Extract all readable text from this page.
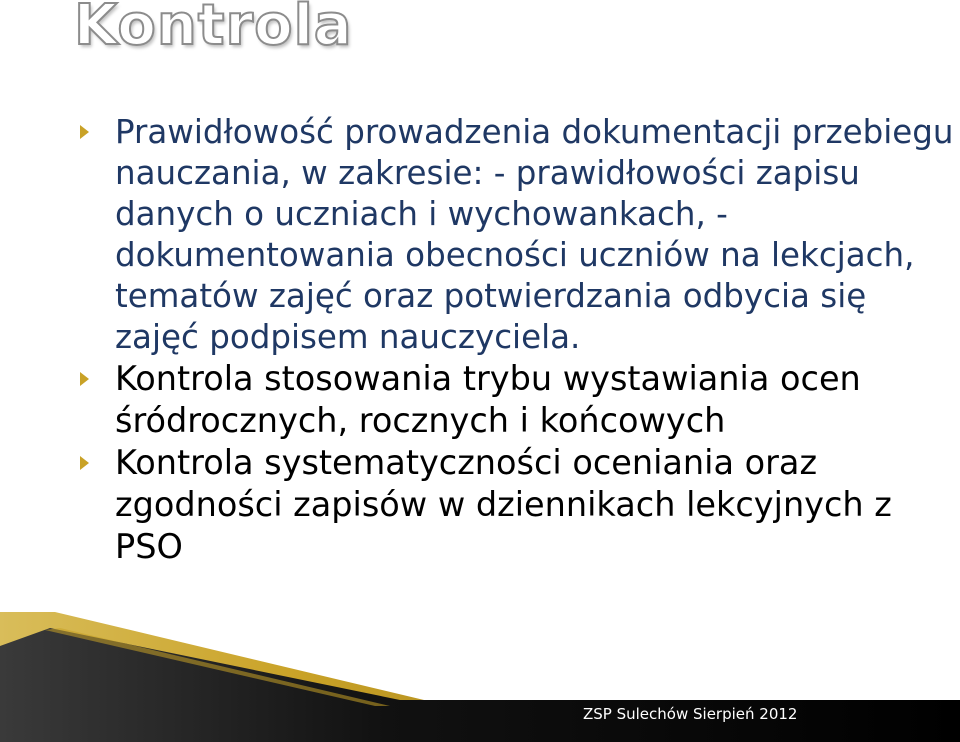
Kontrola
Prawidłowość prowadzenia dokumentacji przebiegu nauczania, w zakresie: - prawidłowości zapisu danych o uczniach i wychowankach, -dokumentowania obecności uczniów na lekcjach, tematów zajęć oraz potwierdzania odbycia się zajęć podpisem nauczyciela.
Kontrola stosowania trybu wystawiania ocen śródrocznych, rocznych i końcowych
Kontrola systematyczności oceniania oraz zgodności zapisów w dziennikach lekcyjnych z PSO
ZSP Sulechów Sierpień 2012
